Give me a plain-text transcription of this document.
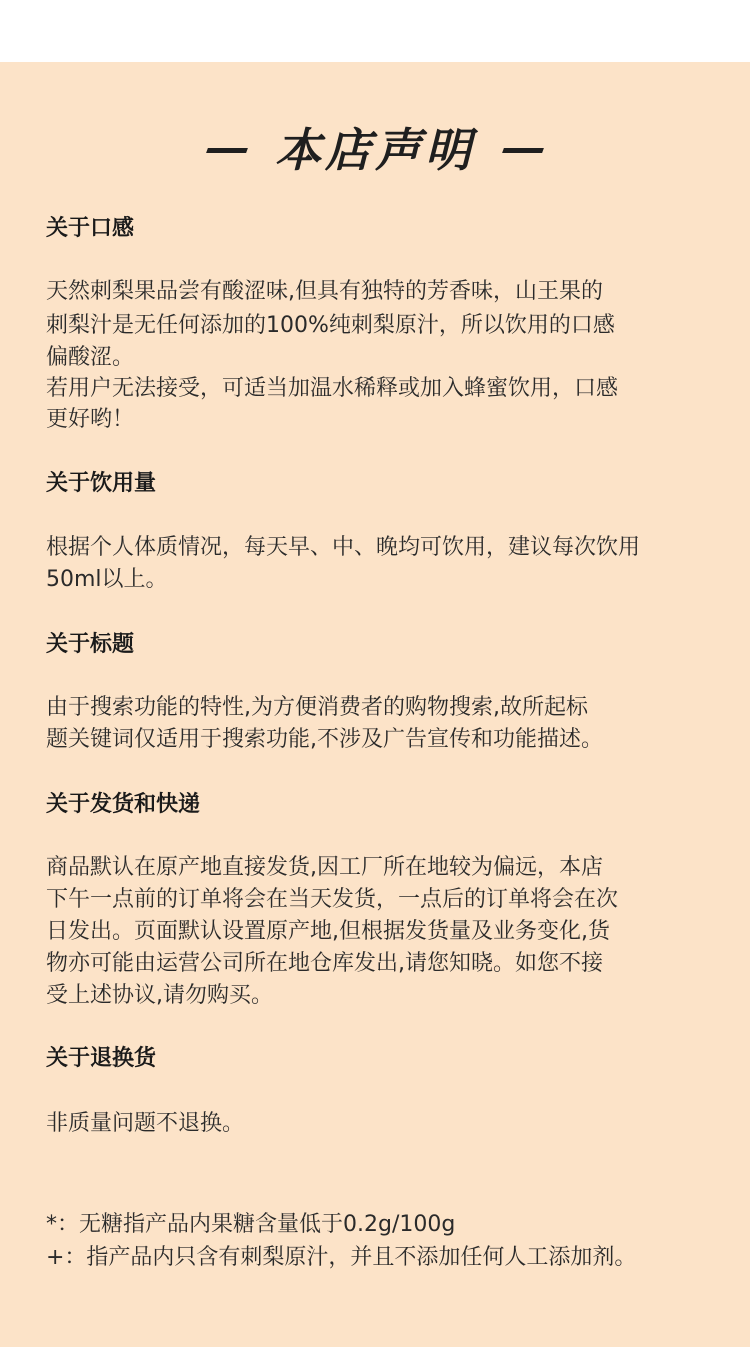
本店声明
关于口感
天然刺梨果品尝有酸涩味,但具有独特的芳香味，山王果的
刺梨汁是无任何添加的100%纯刺梨原汁，所以饮用的口感
偏酸涩。
若用户无法接受，可适当加温水稀释或加入蜂蜜饮用，口感
更好哟！
关于饮用量
根据个人体质情况，每天早、中、晚均可饮用，建议每次饮用
50ml以上。
关于标题
由于搜索功能的特性,为方便消费者的购物搜索,故所起标
题关键词仅适用于搜索功能,不涉及广告宣传和功能描述。
关于发货和快递
商品默认在原产地直接发货,因工厂所在地较为偏远，本店
下午一点前的订单将会在当天发货，一点后的订单将会在次
日发出。页面默认设置原产地,但根据发货量及业务变化,货
物亦可能由运营公司所在地仓库发出,请您知晓。如您不接
受上述协议,请勿购买。
关于退换货
非质量问题不退换。
*：无糖指产品内果糖含量低于0.2g/100g
+：指产品内只含有刺梨原汁，并且不添加任何人工添加剂。
